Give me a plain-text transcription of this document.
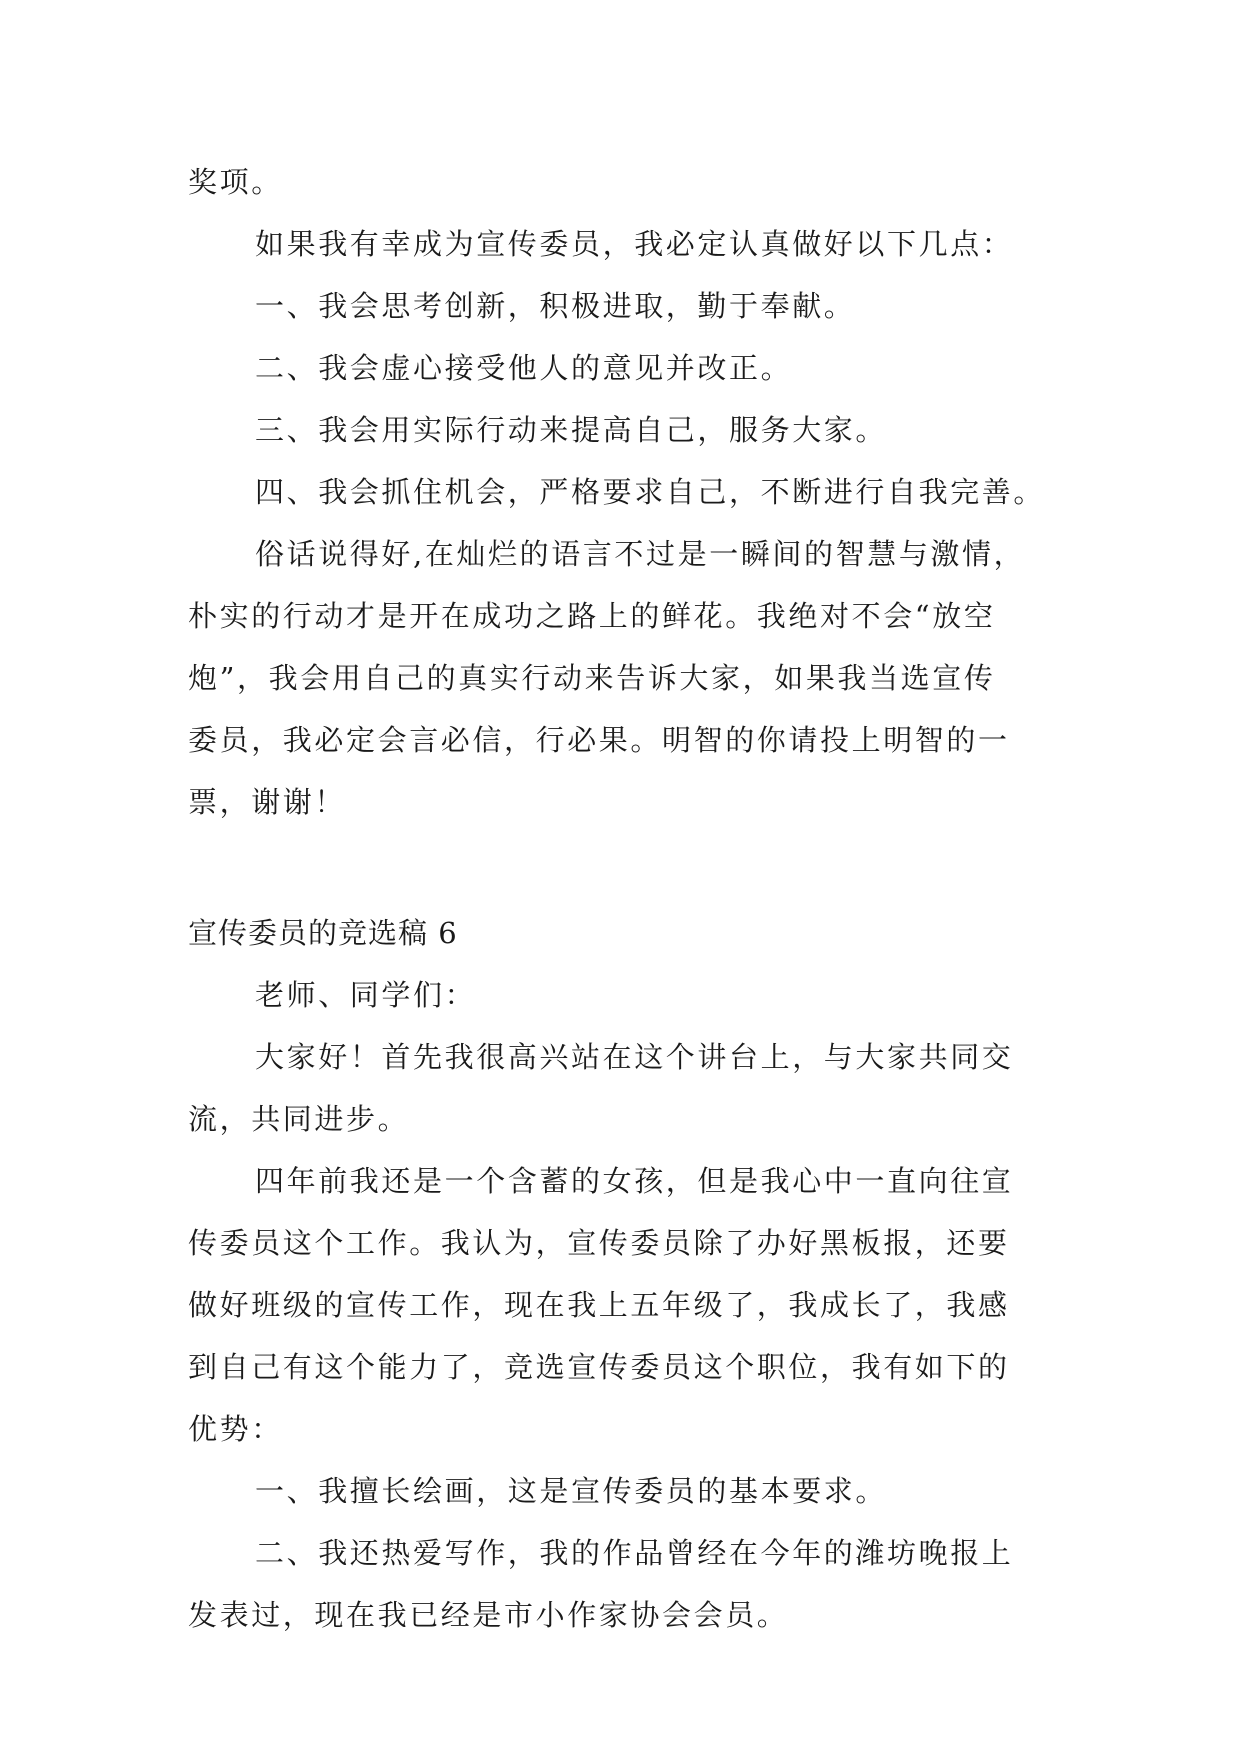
奖项。
如果我有幸成为宣传委员，我必定认真做好以下几点：
一、我会思考创新，积极进取，勤于奉献。
二、我会虚心接受他人的意见并改正。
三、我会用实际行动来提高自己，服务大家。
四、我会抓住机会，严格要求自己，不断进行自我完善。
俗话说得好,在灿烂的语言不过是一瞬间的智慧与激情，
朴实的行动才是开在成功之路上的鲜花。我绝对不会“放空
炮”，我会用自己的真实行动来告诉大家，如果我当选宣传
委员，我必定会言必信，行必果。明智的你请投上明智的一
票，谢谢！
宣传委员的竞选稿 6
老师、同学们：
大家好！首先我很高兴站在这个讲台上，与大家共同交
流，共同进步。
四年前我还是一个含蓄的女孩，但是我心中一直向往宣
传委员这个工作。我认为，宣传委员除了办好黑板报，还要
做好班级的宣传工作，现在我上五年级了，我成长了，我感
到自己有这个能力了，竞选宣传委员这个职位，我有如下的
优势：
一、我擅长绘画，这是宣传委员的基本要求。
二、我还热爱写作，我的作品曾经在今年的潍坊晚报上
发表过，现在我已经是市小作家协会会员。
